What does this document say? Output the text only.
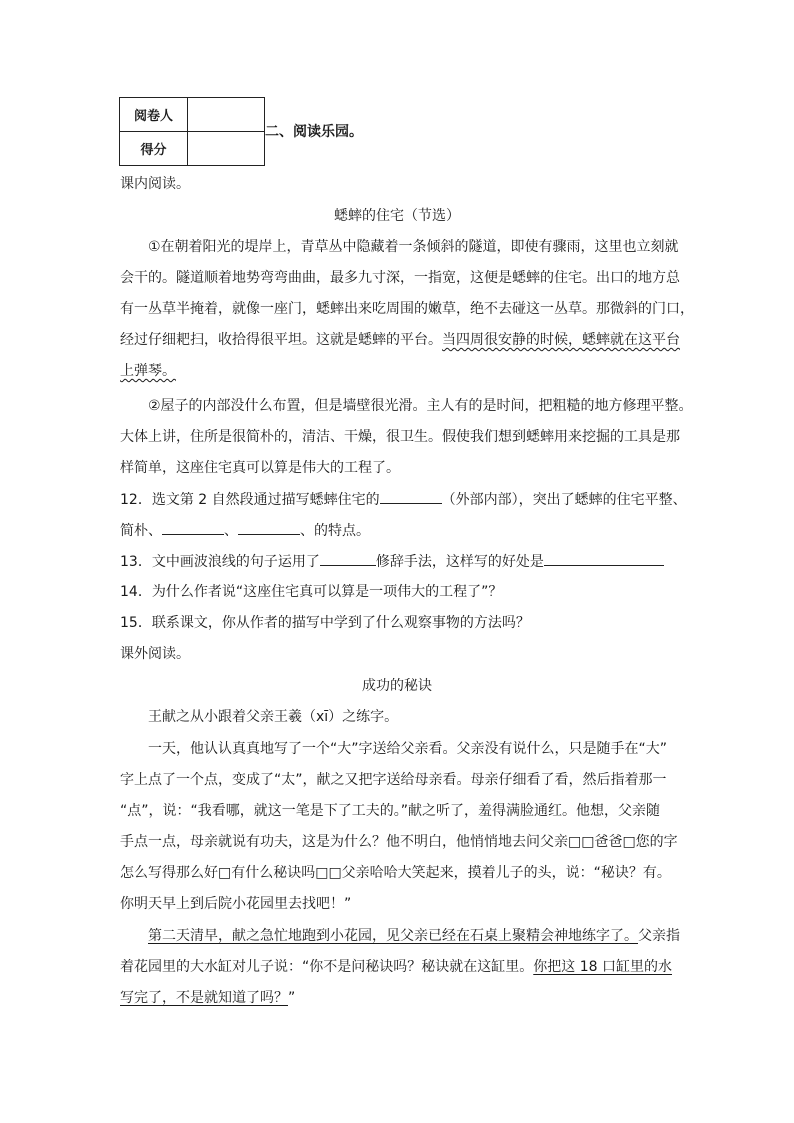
阅卷人	
得分	
二、阅读乐园。
课内阅读。
蟋蟀的住宅（节选）
①在朝着阳光的堤岸上，青草丛中隐藏着一条倾斜的隧道，即使有骤雨，这里也立刻就
会干的。隧道顺着地势弯弯曲曲，最多九寸深，一指宽，这便是蟋蟀的住宅。出口的地方总
有一丛草半掩着，就像一座门，蟋蟀出来吃周围的嫩草，绝不去碰这一丛草。那微斜的门口，
经过仔细耙扫，收拾得很平坦。这就是蟋蟀的平台。当四周很安静的时候，蟋蟀就在这平台
上弹琴。
②屋子的内部没什么布置，但是墙壁很光滑。主人有的是时间，把粗糙的地方修理平整。
大体上讲，住所是很简朴的，清洁、干燥，很卫生。假使我们想到蟋蟀用来挖掘的工具是那
样简单，这座住宅真可以算是伟大的工程了。
12．选文第 2 自然段通过描写蟋蟀住宅的	（外部内部），突出了蟋蟀的住宅平整、
简朴、	、	、的特点。
13．文中画波浪线的句子运用了	修辞手法，这样写的好处是
14．为什么作者说“这座住宅真可以算是一项伟大的工程了”？
15．联系课文，你从作者的描写中学到了什么观察事物的方法吗？
课外阅读。
成功的秘诀
王献之从小跟着父亲王羲（xī）之练字。
一天，他认认真真地写了一个“大”字送给父亲看。父亲没有说什么，只是随手在“大”
字上点了一个点，变成了“太”，献之又把字送给母亲看。母亲仔细看了看，然后指着那一
“点”，说：“我看哪，就这一笔是下了工夫的。”献之听了，羞得满脸通红。他想，父亲随
手点一点，母亲就说有功夫，这是为什么？他不明白，他悄悄地去问父亲□□爸爸□您的字
怎么写得那么好□有什么秘诀吗□□父亲哈哈大笑起来，摸着儿子的头，说：“秘诀？有。
你明天早上到后院小花园里去找吧！”
第二天清早，献之急忙地跑到小花园，见父亲已经在石桌上聚精会神地练字了。父亲指
着花园里的大水缸对儿子说：“你不是问秘诀吗？秘诀就在这缸里。你把这 18 口缸里的水
写完了，不是就知道了吗？”
